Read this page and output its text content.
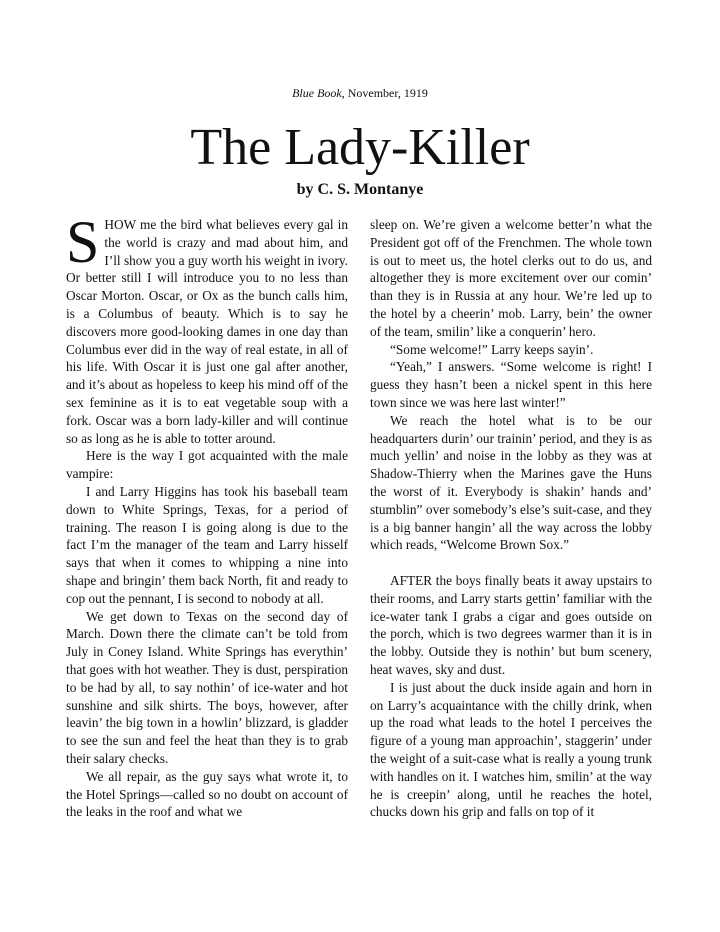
Blue Book, November, 1919
The Lady-Killer
by C. S. Montanye

SHOW me the bird what believes every gal in the world is crazy and mad about him, and I’ll show you a guy worth his weight in ivory. Or better still I will introduce you to no less than Oscar Morton. Oscar, or Ox as the bunch calls him, is a Columbus of beauty. Which is to say he discovers more good-looking dames in one day than Columbus ever did in the way of real estate, in all of his life. With Oscar it is just one gal after another, and it’s about as hopeless to keep his mind off of the sex feminine as it is to eat vegetable soup with a fork. Oscar was a born lady-killer and will continue so as long as he is able to totter around.

Here is the way I got acquainted with the male vampire:

I and Larry Higgins has took his baseball team down to White Springs, Texas, for a period of training. The reason I is going along is due to the fact I’m the manager of the team and Larry hisself says that when it comes to whipping a nine into shape and bringin’ them back North, fit and ready to cop out the pennant, I is second to nobody at all.

We get down to Texas on the second day of March. Down there the climate can’t be told from July in Coney Island. White Springs has everythin’ that goes with hot weather. They is dust, perspiration to be had by all, to say nothin’ of ice-water and hot sunshine and silk shirts. The boys, however, after leavin’ the big town in a howlin’ blizzard, is gladder to see the sun and feel the heat than they is to grab their salary checks.

We all repair, as the guy says what wrote it, to the Hotel Springs—called so no doubt on account of the leaks in the roof and what we

sleep on. We’re given a welcome better’n what the President got off of the Frenchmen. The whole town is out to meet us, the hotel clerks out to do us, and altogether they is more excitement over our comin’ than they is in Russia at any hour. We’re led up to the hotel by a cheerin’ mob. Larry, bein’ the owner of the team, smilin’ like a conquerin’ hero.

“Some welcome!” Larry keeps sayin’.

“Yeah,” I answers. “Some welcome is right! I guess they hasn’t been a nickel spent in this here town since we was here last winter!”

We reach the hotel what is to be our headquarters durin’ our trainin’ period, and they is as much yellin’ and noise in the lobby as they was at Shadow-Thierry when the Marines gave the Huns the worst of it. Everybody is shakin’ hands and’ stumblin” over somebody’s else’s suit-case, and they is a big banner hangin’ all the way across the lobby which reads, “Welcome Brown Sox.”

AFTER the boys finally beats it away upstairs to their rooms, and Larry starts gettin’ familiar with the ice-water tank I grabs a cigar and goes outside on the porch, which is two degrees warmer than it is in the lobby. Outside they is nothin’ but bum scenery, heat waves, sky and dust.

I is just about the duck inside again and horn in on Larry’s acquaintance with the chilly drink, when up the road what leads to the hotel I perceives the figure of a young man approachin’, staggerin’ under the weight of a suit-case what is really a young trunk with handles on it. I watches him, smilin’ at the way he is creepin’ along, until he reaches the hotel, chucks down his grip and falls on top of it
